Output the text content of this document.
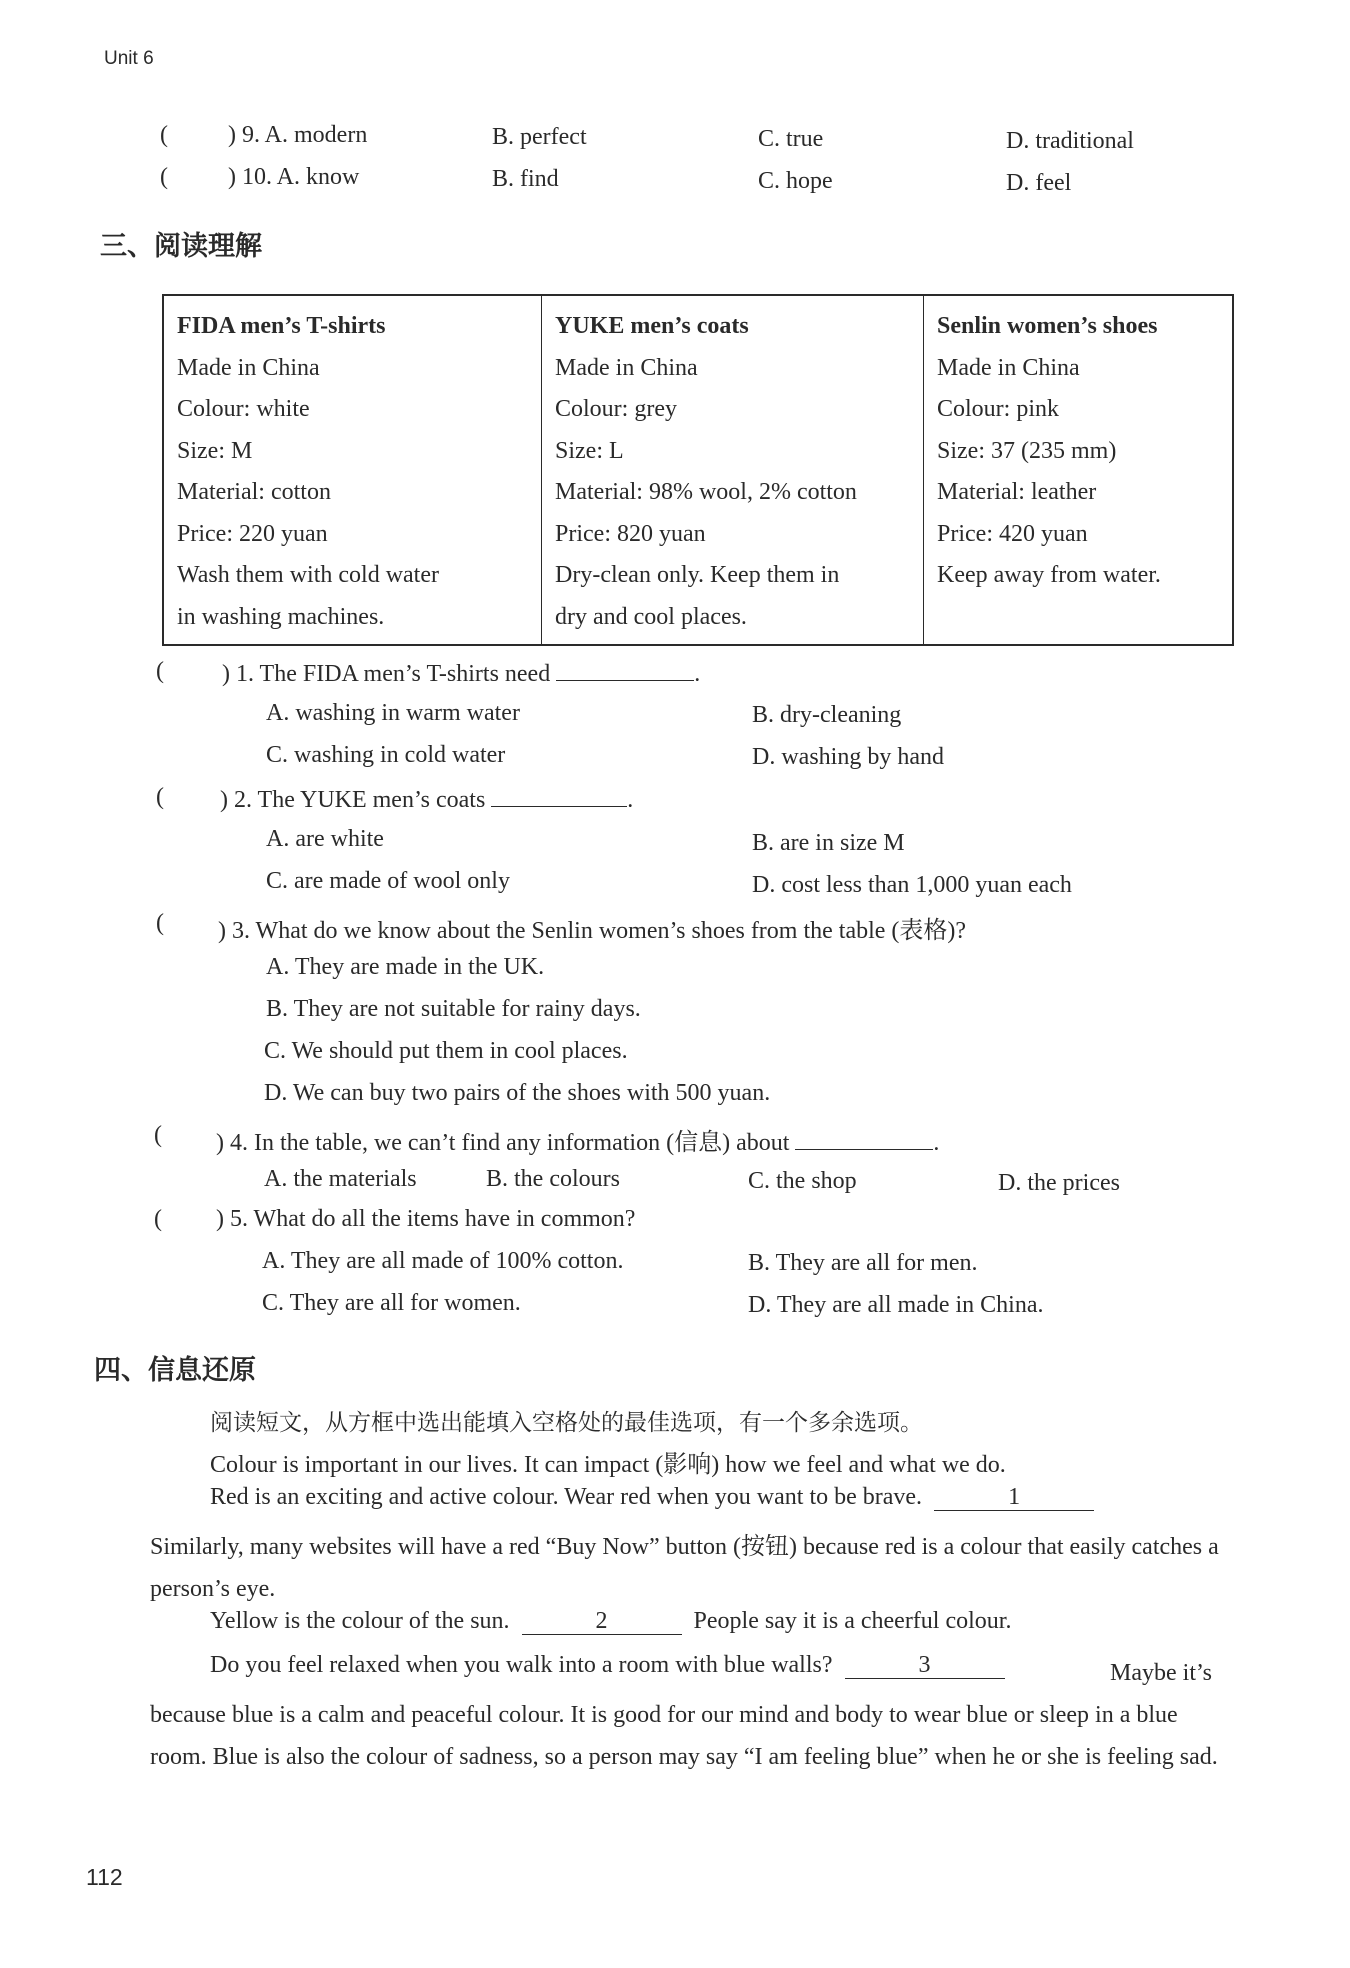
Unit 6
(	) 9. A. modern	B. perfect	C. true	D. traditional
(	) 10. A. know	B. find	C. hope	D. feel
三、阅读理解
FIDA men’s T-shirts
Made in China
Colour: white
Size: M
Material: cotton
Price: 220 yuan
Wash them with cold water
in washing machines.

YUKE men’s coats
Made in China
Colour: grey
Size: L
Material: 98% wool, 2% cotton
Price: 820 yuan
Dry-clean only. Keep them in
dry and cool places.

Senlin women’s shoes
Made in China
Colour: pink
Size: 37 (235 mm)
Material: leather
Price: 420 yuan
Keep away from water.
( ) 1. The FIDA men’s T-shirts need	.
A. washing in warm water	B. dry-cleaning
C. washing in cold water	D. washing by hand
( ) 2. The YUKE men’s coats	.
A. are white	B. are in size M
C. are made of wool only	D. cost less than 1,000 yuan each
( ) 3. What do we know about the Senlin women’s shoes from the table (表格)?
A. They are made in the UK.
B. They are not suitable for rainy days.
C. We should put them in cool places.
D. We can buy two pairs of the shoes with 500 yuan.
( ) 4. In the table, we can’t find any information (信息) about	.
A. the materials	B. the colours	C. the shop	D. the prices
( ) 5. What do all the items have in common?
A. They are all made of 100% cotton.	B. They are all for men.
C. They are all for women.	D. They are all made in China.
四、信息还原
阅读短文，从方框中选出能填入空格处的最佳选项，有一个多余选项。
Colour is important in our lives. It can impact (影响) how we feel and what we do.
Red is an exciting and active colour. Wear red when you want to be brave.	1
Similarly, many websites will have a red “Buy Now” button (按钮) because red is a colour that easily catches a person’s eye.
Yellow is the colour of the sun.	2	People say it is a cheerful colour.
Do you feel relaxed when you walk into a room with blue walls?	3	Maybe it’s because blue is a calm and peaceful colour. It is good for our mind and body to wear blue or sleep in a blue room. Blue is also the colour of sadness, so a person may say “I am feeling blue” when he or she is feeling sad.
112
